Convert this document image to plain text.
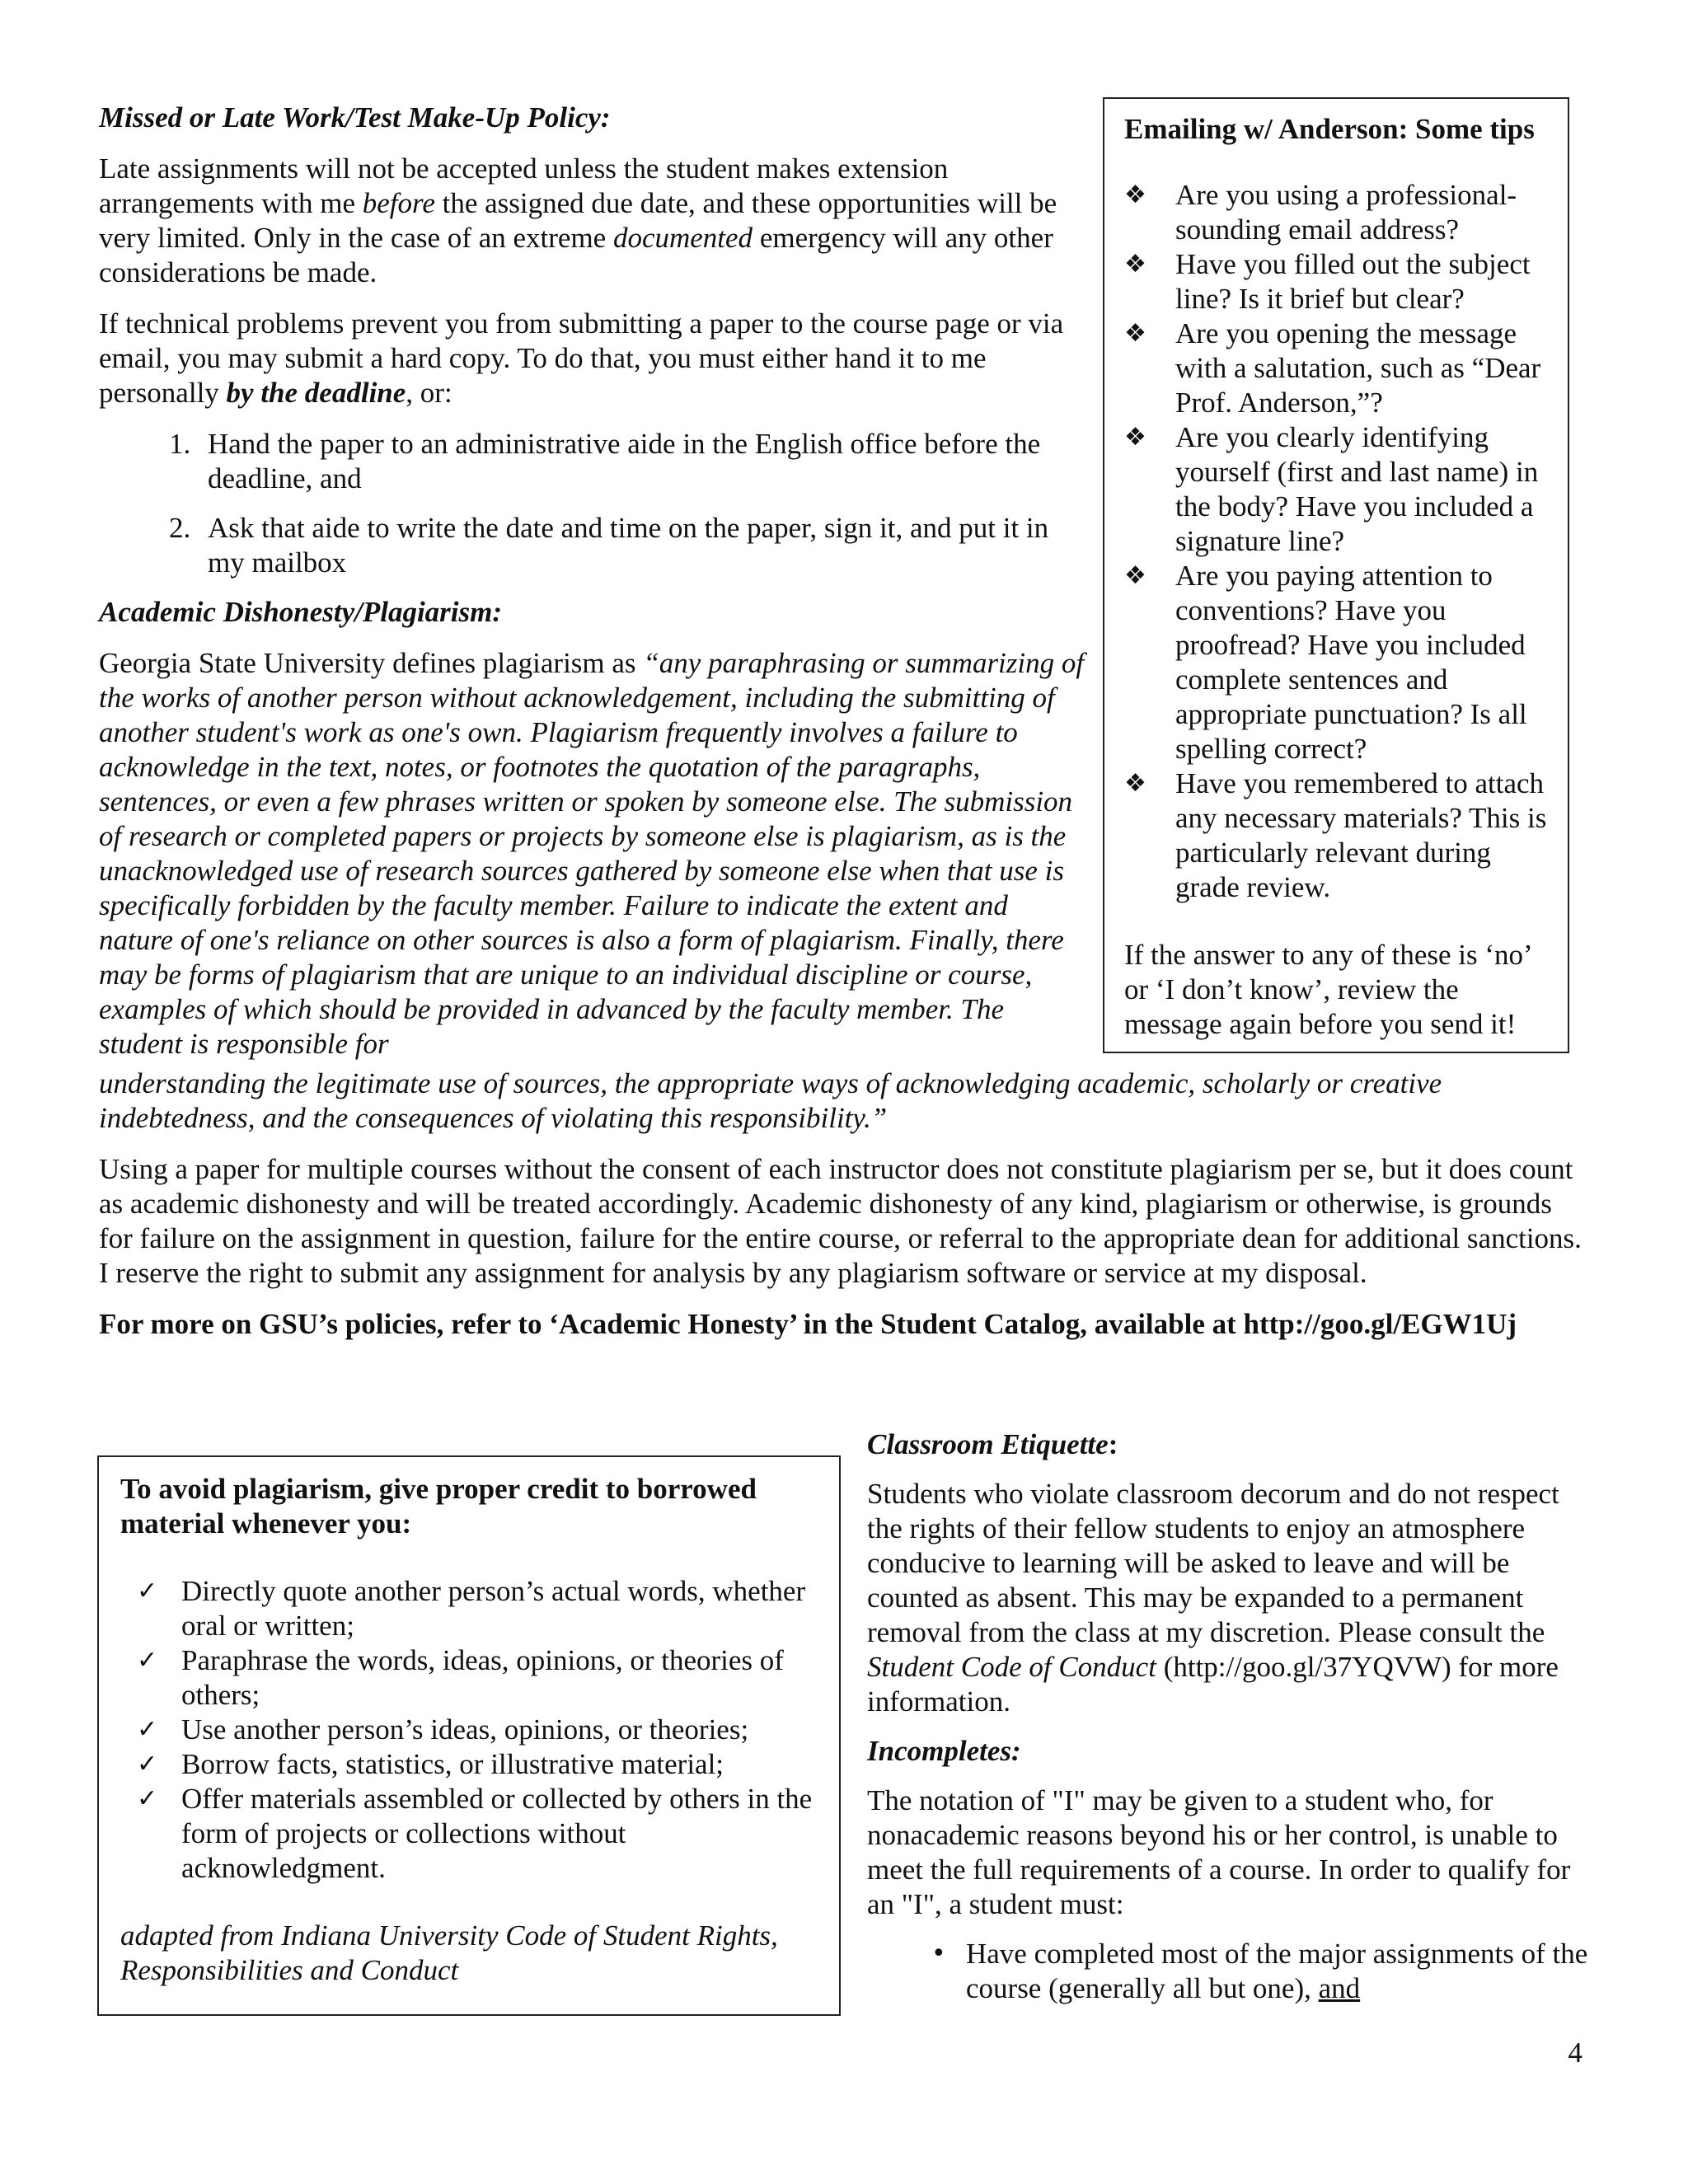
Missed or Late Work/Test Make-Up Policy:

Late assignments will not be accepted unless the student makes extension arrangements with me before the assigned due date, and these opportunities will be very limited. Only in the case of an extreme documented emergency will any other considerations be made.

If technical problems prevent you from submitting a paper to the course page or via email, you may submit a hard copy. To do that, you must either hand it to me personally by the deadline, or:

1. Hand the paper to an administrative aide in the English office before the deadline, and
2. Ask that aide to write the date and time on the paper, sign it, and put it in my mailbox

Academic Dishonesty/Plagiarism:

Georgia State University defines plagiarism as “any paraphrasing or summarizing of the works of another person without acknowledgement, including the submitting of another student's work as one's own. Plagiarism frequently involves a failure to acknowledge in the text, notes, or footnotes the quotation of the paragraphs, sentences, or even a few phrases written or spoken by someone else. The submission of research or completed papers or projects by someone else is plagiarism, as is the unacknowledged use of research sources gathered by someone else when that use is specifically forbidden by the faculty member. Failure to indicate the extent and nature of one's reliance on other sources is also a form of plagiarism. Finally, there may be forms of plagiarism that are unique to an individual discipline or course, examples of which should be provided in advanced by the faculty member. The student is responsible for

Emailing w/ Anderson: Some tips

❖ Are you using a professional-sounding email address?
❖ Have you filled out the subject line? Is it brief but clear?
❖ Are you opening the message with a salutation, such as “Dear Prof. Anderson,”?
❖ Are you clearly identifying yourself (first and last name) in the body? Have you included a signature line?
❖ Are you paying attention to conventions? Have you proofread? Have you included complete sentences and appropriate punctuation? Is all spelling correct?
❖ Have you remembered to attach any necessary materials? This is particularly relevant during grade review.

If the answer to any of these is ‘no’ or ‘I don’t know’, review the message again before you send it!

understanding the legitimate use of sources, the appropriate ways of acknowledging academic, scholarly or creative indebtedness, and the consequences of violating this responsibility.”

Using a paper for multiple courses without the consent of each instructor does not constitute plagiarism per se, but it does count as academic dishonesty and will be treated accordingly. Academic dishonesty of any kind, plagiarism or otherwise, is grounds for failure on the assignment in question, failure for the entire course, or referral to the appropriate dean for additional sanctions. I reserve the right to submit any assignment for analysis by any plagiarism software or service at my disposal.

For more on GSU’s policies, refer to ‘Academic Honesty’ in the Student Catalog, available at http://goo.gl/EGW1Uj

To avoid plagiarism, give proper credit to borrowed material whenever you:

✓ Directly quote another person’s actual words, whether oral or written;
✓ Paraphrase the words, ideas, opinions, or theories of others;
✓ Use another person’s ideas, opinions, or theories;
✓ Borrow facts, statistics, or illustrative material;
✓ Offer materials assembled or collected by others in the form of projects or collections without acknowledgment.

adapted from Indiana University Code of Student Rights, Responsibilities and Conduct

Classroom Etiquette:

Students who violate classroom decorum and do not respect the rights of their fellow students to enjoy an atmosphere conducive to learning will be asked to leave and will be counted as absent. This may be expanded to a permanent removal from the class at my discretion. Please consult the Student Code of Conduct (http://goo.gl/37YQVW) for more information.

Incompletes:

The notation of "I" may be given to a student who, for nonacademic reasons beyond his or her control, is unable to meet the full requirements of a course. In order to qualify for an "I", a student must:

• Have completed most of the major assignments of the course (generally all but one), and
4
